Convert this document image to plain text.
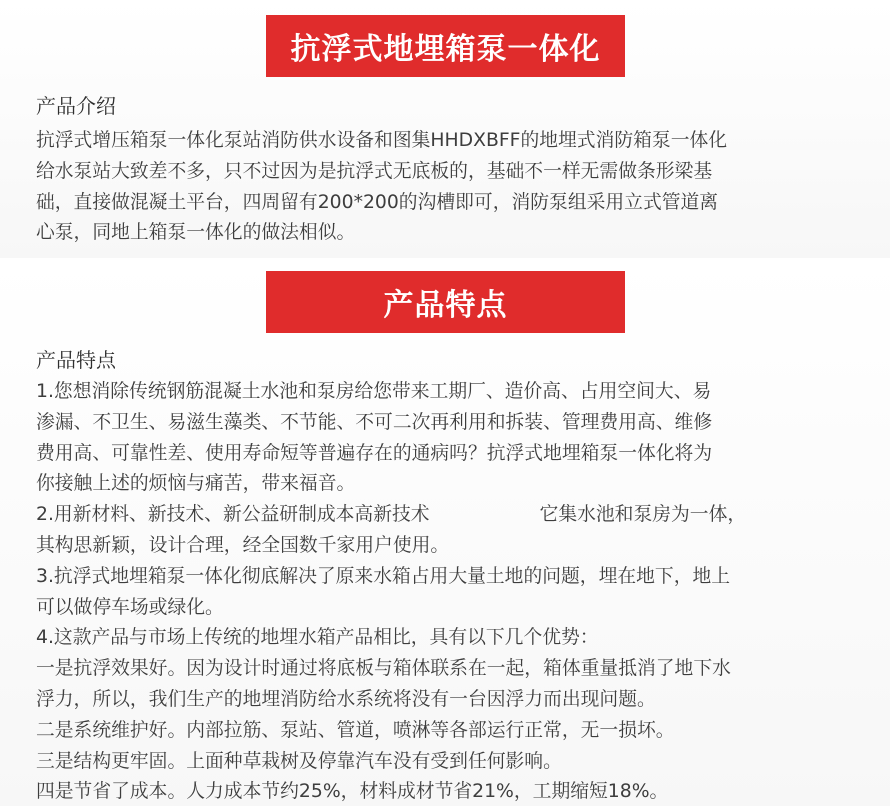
抗浮式地埋箱泵一体化
产品介绍
抗浮式增压箱泵一体化泵站消防供水设备和图集HHDXBFF的地埋式消防箱泵一体化
给水泵站大致差不多，只不过因为是抗浮式无底板的，基础不一样无需做条形梁基
础，直接做混凝土平台，四周留有200*200的沟槽即可，消防泵组采用立式管道离
心泵，同地上箱泵一体化的做法相似。
产品特点
产品特点
1.您想消除传统钢筋混凝土水池和泵房给您带来工期厂、造价高、占用空间大、易
渗漏、不卫生、易滋生藻类、不节能、不可二次再利用和拆装、管理费用高、维修
费用高、可靠性差、使用寿命短等普遍存在的通病吗？抗浮式地埋箱泵一体化将为
你接触上述的烦恼与痛苦，带来福音。
2.用新材料、新技术、新公益研制成本高新技术	它集水池和泵房为一体，
其构思新颖，设计合理，经全国数千家用户使用。
3.抗浮式地埋箱泵一体化彻底解决了原来水箱占用大量土地的问题，埋在地下，地上
可以做停车场或绿化。
4.这款产品与市场上传统的地埋水箱产品相比，具有以下几个优势：
一是抗浮效果好。因为设计时通过将底板与箱体联系在一起，箱体重量抵消了地下水
浮力，所以，我们生产的地埋消防给水系统将没有一台因浮力而出现问题。
二是系统维护好。内部拉筋、泵站、管道，喷淋等各部运行正常，无一损坏。
三是结构更牢固。上面种草栽树及停靠汽车没有受到任何影响。
四是节省了成本。人力成本节约25%，材料成材节省21%，工期缩短18%。
